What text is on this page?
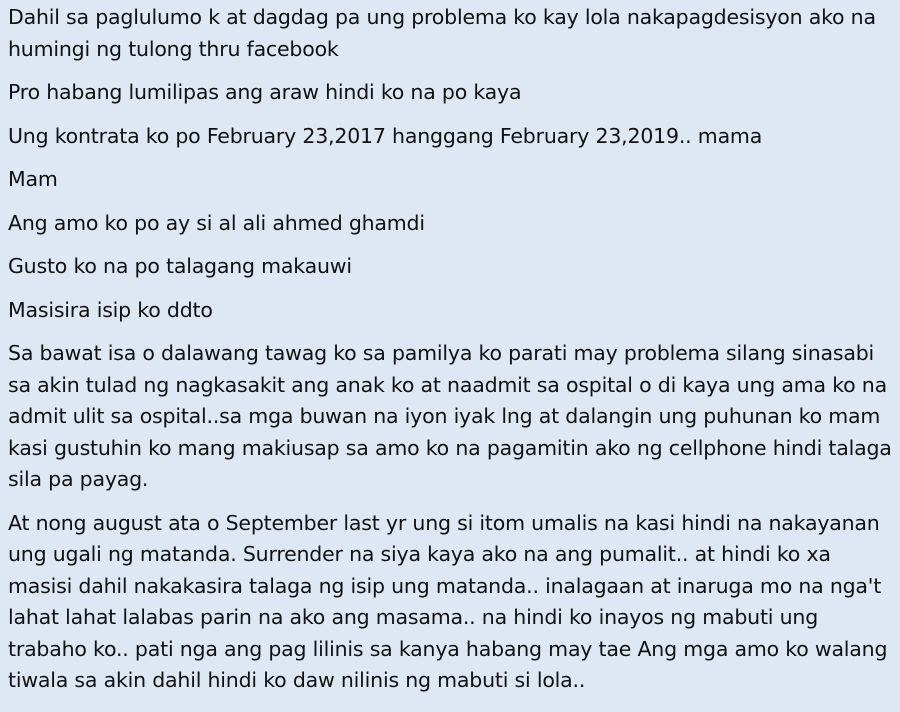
Dahil sa paglulumo k at dagdag pa ung problema ko kay lola nakapagdesisyon ako na humingi ng tulong thru facebook

Pro habang lumilipas ang araw hindi ko na po kaya

Ung kontrata ko po February 23,2017 hanggang February 23,2019.. mama

Mam

Ang amo ko po ay si al ali ahmed ghamdi

Gusto ko na po talagang makauwi

Masisira isip ko ddto

Sa bawat isa o dalawang tawag ko sa pamilya ko parati may problema silang sinasabi sa akin tulad ng nagkasakit ang anak ko at naadmit sa ospital o di kaya ung ama ko na admit ulit sa ospital..sa mga buwan na iyon iyak lng at dalangin ung puhunan ko mam kasi gustuhin ko mang makiusap sa amo ko na pagamitin ako ng cellphone hindi talaga sila pa payag.

At nong august ata o September last yr ung si itom umalis na kasi hindi na nakayanan ung ugali ng matanda. Surrender na siya kaya ako na ang pumalit.. at hindi ko xa masisi dahil nakakasira talaga ng isip ung matanda.. inalagaan at inaruga mo na nga't lahat lahat lalabas parin na ako ang masama.. na hindi ko inayos ng mabuti ung trabaho ko.. pati nga ang pag lilinis sa kanya habang may tae Ang mga amo ko walang tiwala sa akin dahil hindi ko daw nilinis ng mabuti si lola..
